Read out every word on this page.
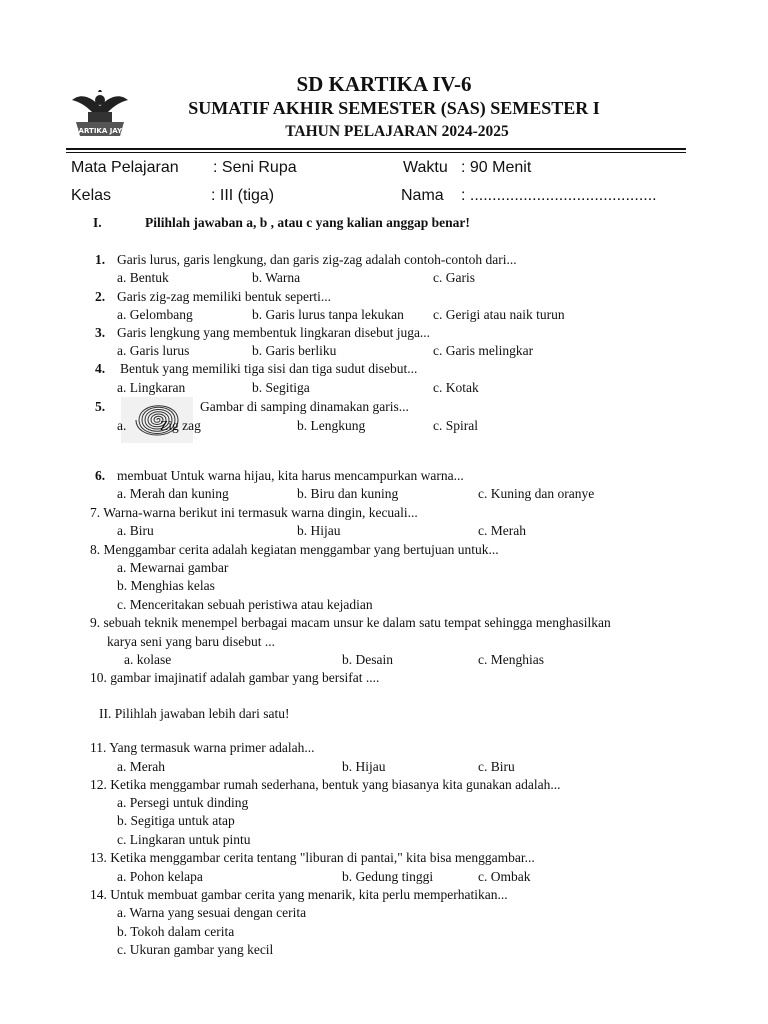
KARTIKA JAYA
SD KARTIKA IV-6
SUMATIF AKHIR SEMESTER (SAS) SEMESTER I
TAHUN PELAJARAN 2024-2025
Mata Pelajaran : Seni Rupa	Waktu : 90 Menit
Kelas	: III (tiga)	Nama : ..........................................
I.	Pilihlah jawaban a, b , atau c yang kalian anggap benar!
1. Garis lurus, garis lengkung, dan garis zig-zag adalah contoh-contoh dari...
a. Bentuk	b. Warna	c. Garis
2. Garis zig-zag memiliki bentuk seperti...
a. Gelombang	b. Garis lurus tanpa lekukan c. Gerigi atau naik turun
3. Garis lengkung yang membentuk lingkaran disebut juga...
a. Garis lurus	b. Garis berliku	c. Garis melingkar
4. Bentuk yang memiliki tiga sisi dan tiga sudut disebut...
a. Lingkaran	b. Segitiga	c. Kotak
5.	Gambar di samping dinamakan garis...
a. Zig zag	b. Lengkung	c. Spiral
6. membuat Untuk warna hijau, kita harus mencampurkan warna...
a. Merah dan kuning	b. Biru dan kuning	c. Kuning dan oranye
7. Warna-warna berikut ini termasuk warna dingin, kecuali...
a. Biru	b. Hijau	c. Merah
8. Menggambar cerita adalah kegiatan menggambar yang bertujuan untuk...
a. Mewarnai gambar
b. Menghias kelas
c. Menceritakan sebuah peristiwa atau kejadian
9. sebuah teknik menempel berbagai macam unsur ke dalam satu tempat sehingga menghasilkan
karya seni yang baru disebut ...
a. kolase	b. Desain	c. Menghias
10. gambar imajinatif adalah gambar yang bersifat ....
II. Pilihlah jawaban lebih dari satu!
11. Yang termasuk warna primer adalah...
a. Merah	b. Hijau	c. Biru
12. Ketika menggambar rumah sederhana, bentuk yang biasanya kita gunakan adalah...
a. Persegi untuk dinding
b. Segitiga untuk atap
c. Lingkaran untuk pintu
13. Ketika menggambar cerita tentang "liburan di pantai," kita bisa menggambar...
a. Pohon kelapa	b. Gedung tinggi	c. Ombak
14. Untuk membuat gambar cerita yang menarik, kita perlu memperhatikan...
a. Warna yang sesuai dengan cerita
b. Tokoh dalam cerita
c. Ukuran gambar yang kecil
